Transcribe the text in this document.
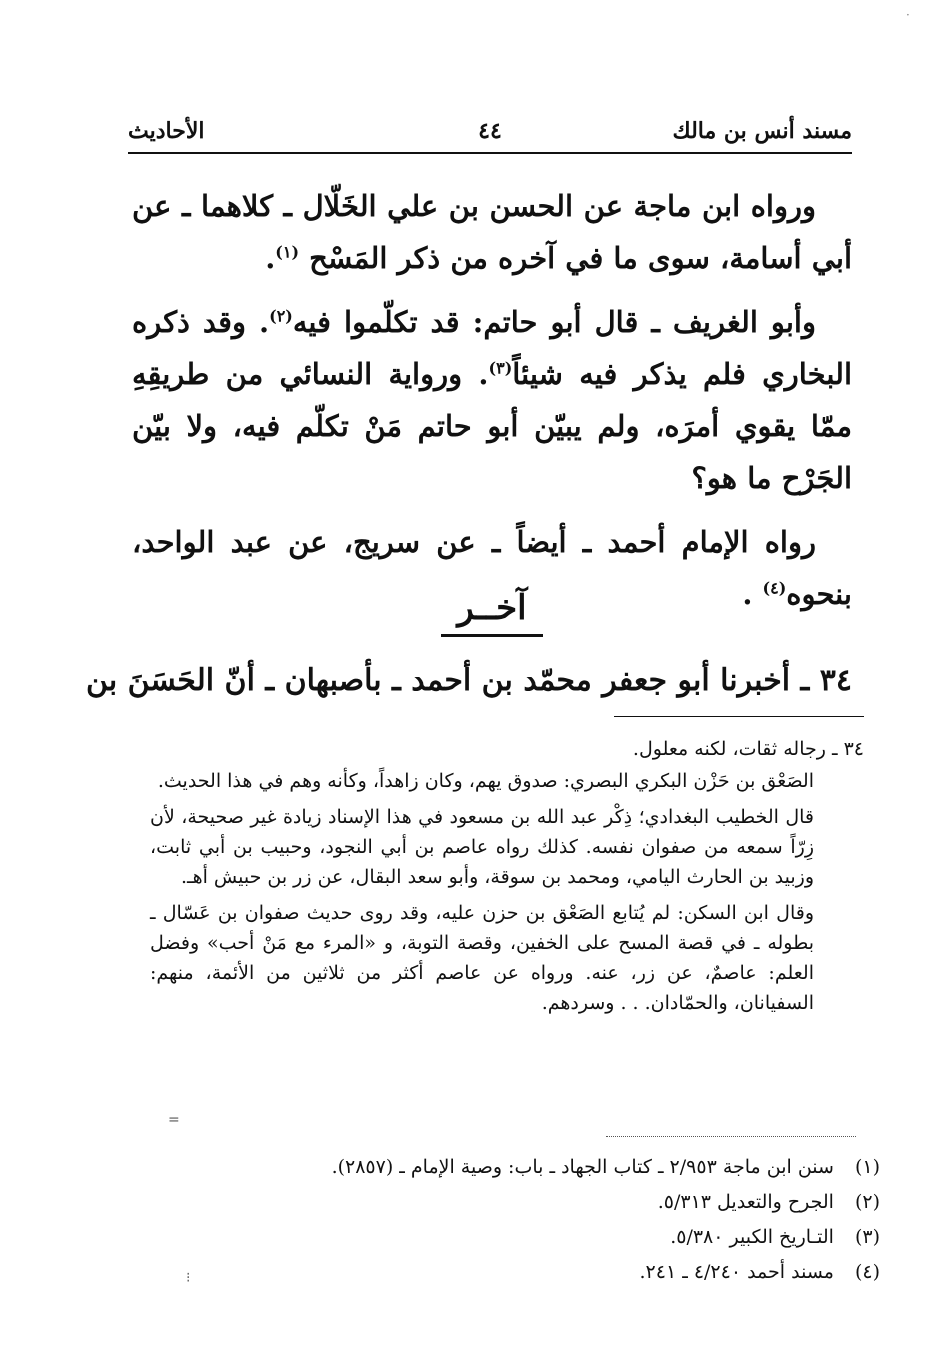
·
مسند أنس بن مالك
٤٤
الأحاديث

ورواه ابن ماجة عن الحسن بن علي الخَلّال ـ كلاهما ـ عن أبي أسامة، سوى ما في آخره من ذكر المَسْح $^{(١)}$.

وأبو الغريف ـ قال أبو حاتم: قد تكلّموا فيه$^{(٢)}$. وقد ذكره البخاري فلم يذكر فيه شيئاً$^{(٣)}$. ورواية النسائي من طريقِهِ ممّا يقوي أمرَه، ولم يبيّن أبو حاتم مَنْ تكلّم فيه، ولا بيّن الجَرْح ما هو؟

رواه الإمام أحمد ـ أيضاً ـ عن سريج، عن عبد الواحد، بنحوه$^{(٤)}$ .

آخــر
٣٤ ـ أخبرنا أبو جعفر محمّد بن أحمد ـ بأصبهان ـ أنّ الحَسَنَ بن
٣٤ ـ رجاله ثقات، لكنه معلول.
الصَعْق بن حَزْن البكري البصري: صدوق يهم، وكان زاهداً، وكأنه وهم في هذا الحديث.
قال الخطيب البغدادي؛ ذِكْر عبد الله بن مسعود في هذا الإسناد زيادة غير صحيحة، لأن زِرّاً سمعه من صفوان نفسه. كذلك رواه عاصم بن أبي النجود، وحبيب بن أبي ثابت، وزبيد بن الحارث اليامي، ومحمد بن سوقة، وأبو سعد البقال، عن زر بن حبيش أهـ.
وقال ابن السكن: لم يُتابع الصَعْق بن حزن عليه، وقد روى حديث صفوان بن عَسّال ـ بطوله ـ في قصة المسح على الخفين، وقصة التوبة، و «المرء مع مَنْ أحب» وفضل العلم: عاصمٌ، عن زر، عنه. ورواه عن عاصم أكثر من ثلاثين من الأئمة، منهم: السفيانان، والحمّادان. . . وسردهم.
=
(١) سنن ابن ماجة ٢/٩٥٣ ـ كتاب الجهاد ـ باب: وصية الإمام ـ (٢٨٥٧).
(٢) الجرح والتعديل ٥/٣١٣.
(٣) التـاريخ الكبير ٥/٣٨٠.
(٤) مسند أحمد ٤/٢٤٠ ـ ٢٤١.
⁝
